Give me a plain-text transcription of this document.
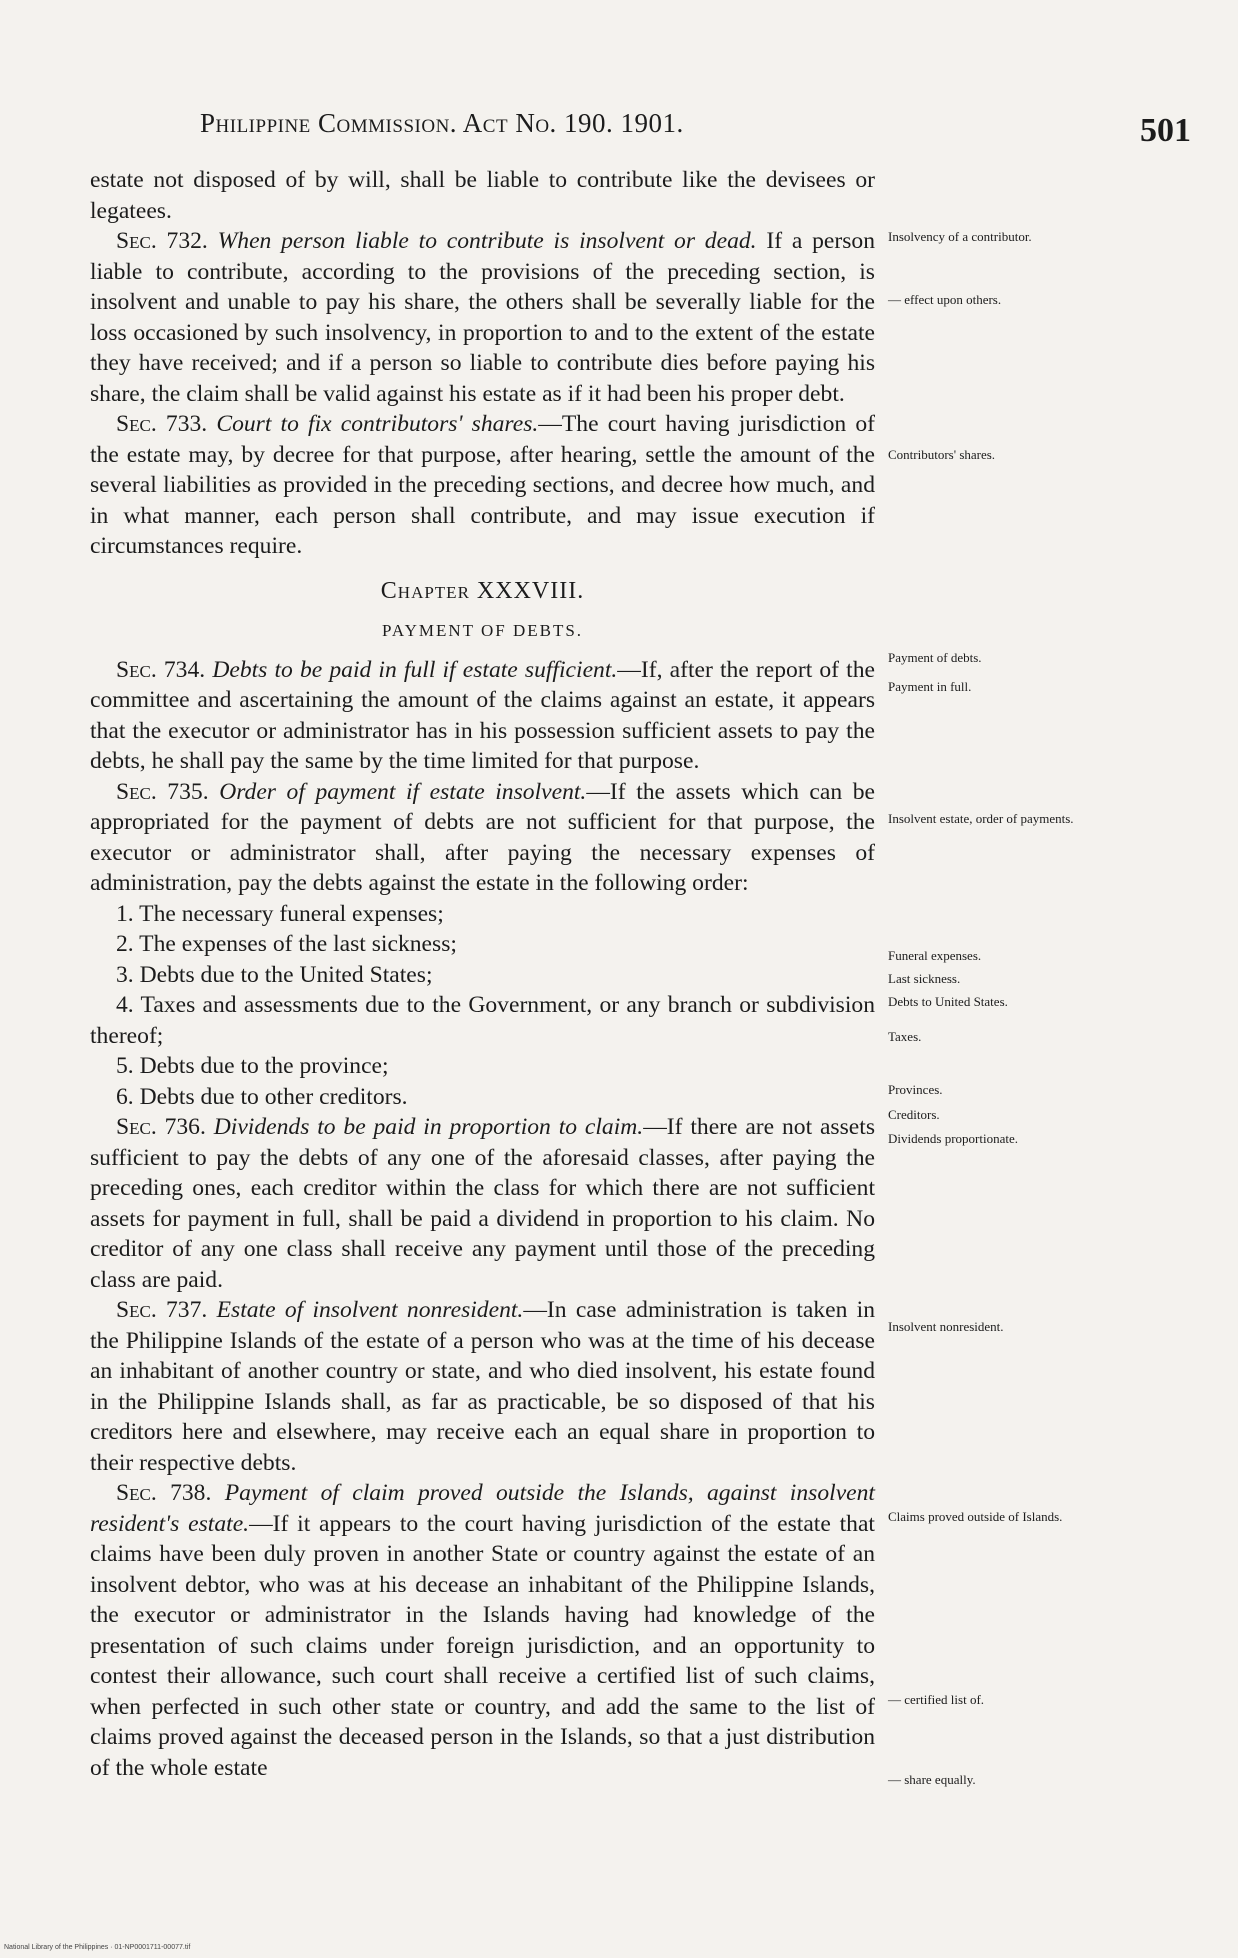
Philippine Commission. Act No. 190. 1901.	501

estate not disposed of by will, shall be liable to contribute like the devisees or legatees.

Sec. 732. When person liable to contribute is insolvent or dead. If a person liable to contribute, according to the provisions of the preceding section, is insolvent and unable to pay his share, the others shall be severally liable for the loss occasioned by such insolvency, in proportion to and to the extent of the estate they have received; and if a person so liable to contribute dies before paying his share, the claim shall be valid against his estate as if it had been his proper debt.

Sec. 733. Court to fix contributors' shares.—The court having jurisdiction of the estate may, by decree for that purpose, after hearing, settle the amount of the several liabilities as provided in the preceding sections, and decree how much, and in what manner, each person shall contribute, and may issue execution if circumstances require.

Chapter XXXVIII.

PAYMENT OF DEBTS.

Sec. 734. Debts to be paid in full if estate sufficient.—If, after the report of the committee and ascertaining the amount of the claims against an estate, it appears that the executor or administrator has in his possession sufficient assets to pay the debts, he shall pay the same by the time limited for that purpose.

Sec. 735. Order of payment if estate insolvent.—If the assets which can be appropriated for the payment of debts are not sufficient for that purpose, the executor or administrator shall, after paying the necessary expenses of administration, pay the debts against the estate in the following order:

1. The necessary funeral expenses;

2. The expenses of the last sickness;

3. Debts due to the United States;

4. Taxes and assessments due to the Government, or any branch or subdivision thereof;

5. Debts due to the province;

6. Debts due to other creditors.

Sec. 736. Dividends to be paid in proportion to claim.—If there are not assets sufficient to pay the debts of any one of the aforesaid classes, after paying the preceding ones, each creditor within the class for which there are not sufficient assets for payment in full, shall be paid a dividend in proportion to his claim. No creditor of any one class shall receive any payment until those of the preceding class are paid.

Sec. 737. Estate of insolvent nonresident.—In case administration is taken in the Philippine Islands of the estate of a person who was at the time of his decease an inhabitant of another country or state, and who died insolvent, his estate found in the Philippine Islands shall, as far as practicable, be so disposed of that his creditors here and elsewhere, may receive each an equal share in proportion to their respective debts.

Sec. 738. Payment of claim proved outside the Islands, against insolvent resident's estate.—If it appears to the court having jurisdiction of the estate that claims have been duly proven in another State or country against the estate of an insolvent debtor, who was at his decease an inhabitant of the Philippine Islands, the executor or administrator in the Islands having had knowledge of the presentation of such claims under foreign jurisdiction, and an opportunity to contest their allowance, such court shall receive a certified list of such claims, when perfected in such other state or country, and add the same to the list of claims proved against the deceased person in the Islands, so that a just distribution of the whole estate

Insolvency of a contributor.
— effect upon others.
Contributors' shares.
Payment of debts.
Payment in full.
Insolvent estate, order of payments.
Funeral expenses.
Last sickness.
Debts to United States.
Taxes.
Provinces.
Creditors.
Dividends proportionate.
Insolvent nonresident.
Claims proved outside of Islands.
— certified list of.
— share equally.
National Library of the Philippines · 01-NP0001711-00077.tif
